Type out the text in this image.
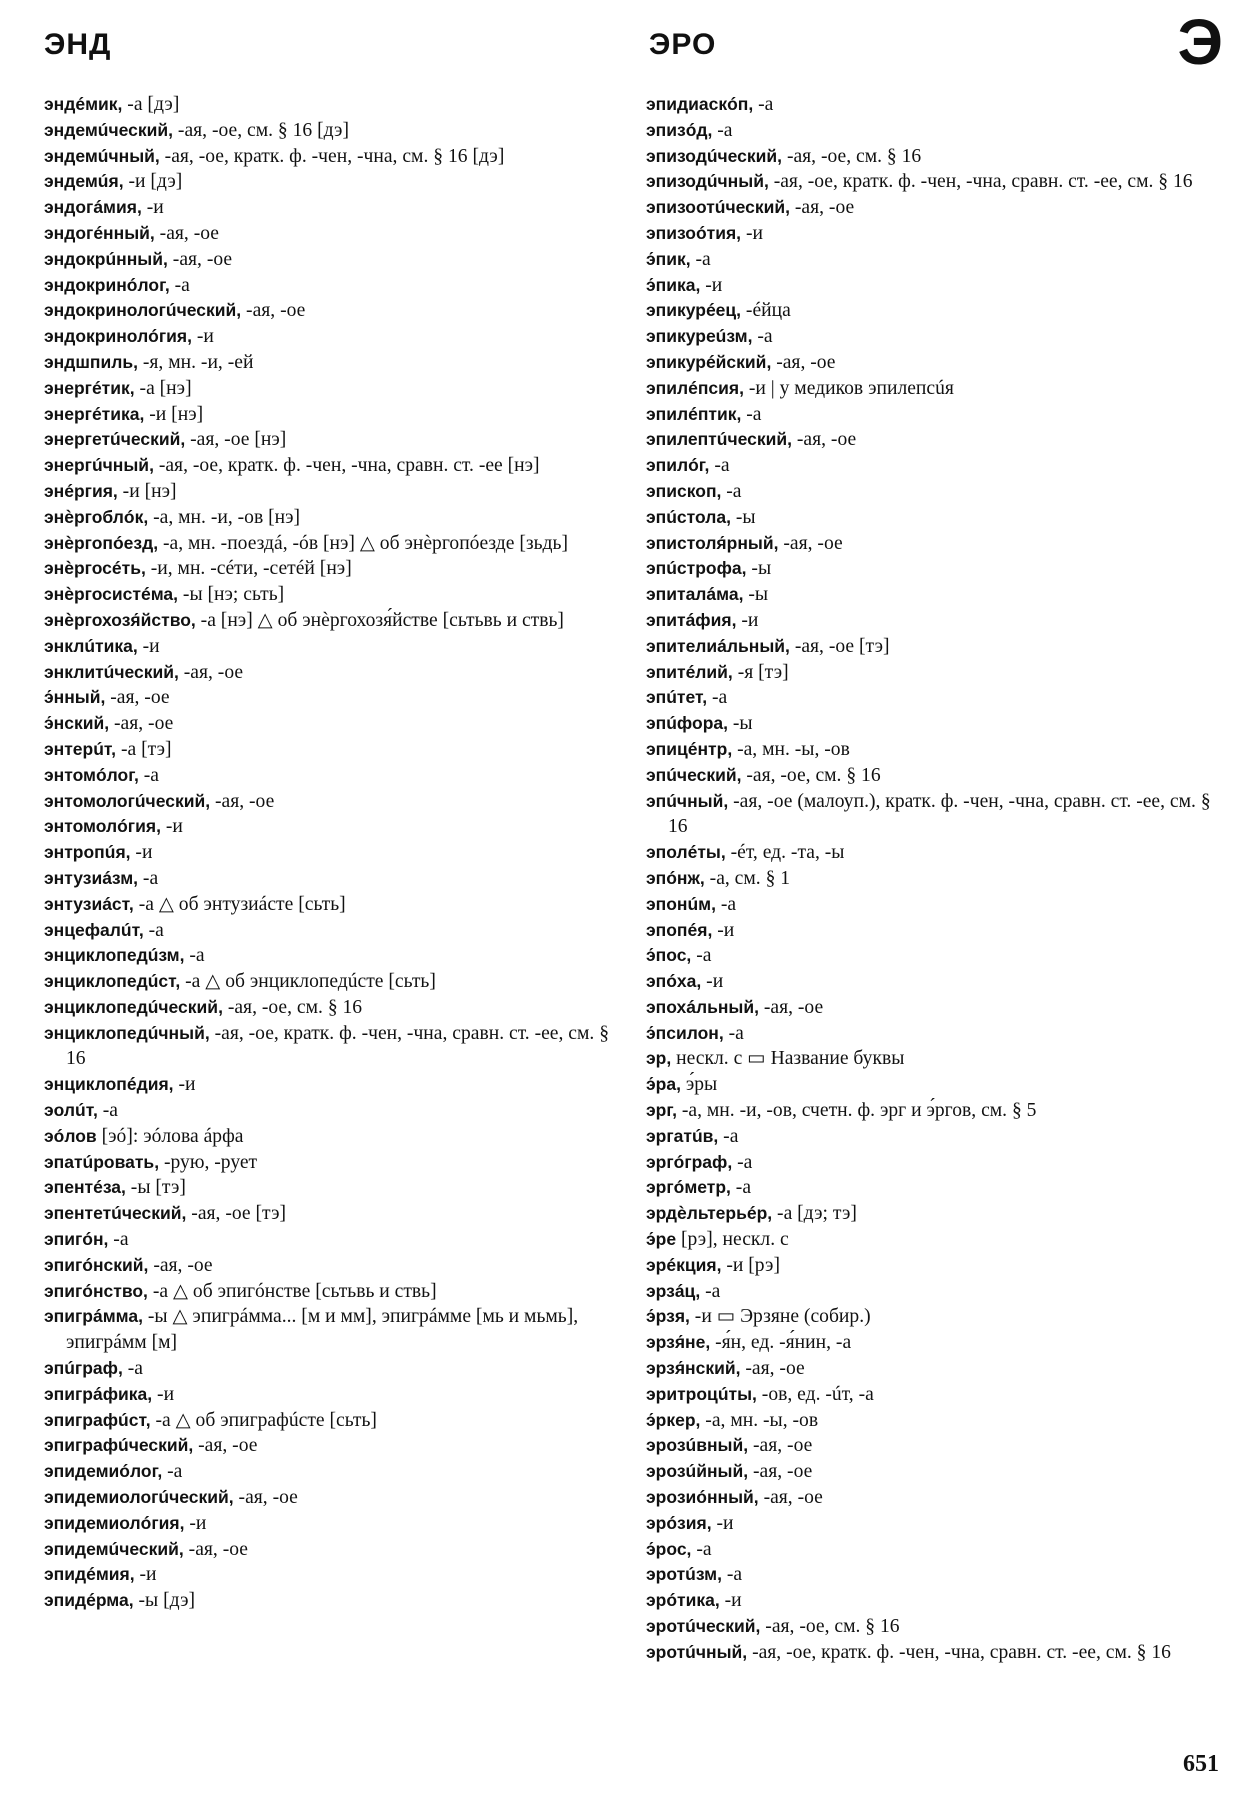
ЭНД	ЭРО	Э
эндéмик, -а [дэ]
эндемúческий, -ая, -ое, см. § 16 [дэ]
эндемúчный, -ая, -ое, кратк. ф. -чен, -чна, см. § 16 [дэ]
эндемúя, -и [дэ]
эндогáмия, -и
эндогéнный, -ая, -ое
эндокрúнный, -ая, -ое
эндокринóлог, -а
эндокринологúческий, -ая, -ое
эндокринолóгия, -и
эндшпиль, -я, мн. -и, -ей
энергéтик, -а [нэ]
энергéтика, -и [нэ]
энергетúческий, -ая, -ое [нэ]
энергúчный, -ая, -ое, кратк. ф. -чен, -чна, сравн. ст. -ее [нэ]
энéргия, -и [нэ]
энѐргоблóк, -а, мн. -и, -ов [нэ]
энѐргопóезд, -а, мн. -поездá, -óв [нэ] △ об энѐргопóезде [зьдь]
энѐргосéть, -и, мн. -сéти, -сетéй [нэ]
энѐргосистéма, -ы [нэ; сьть]
энѐргохозя́йство, -а [нэ] △ об энѐргохозя́йстве [сьтьвь и ствь]
энклúтика, -и
энклитúческий, -ая, -ое
э́нный, -ая, -ое
э́нский, -ая, -ое
энтерúт, -а [тэ]
энтомóлог, -а
энтомологúческий, -ая, -ое
энтомолóгия, -и
энтропúя, -и
энтузиáзм, -а
энтузиáст, -а △ об энтузиáсте [сьть]
энцефалúт, -а
энциклопедúзм, -а
энциклопедúст, -а △ об энциклопедúсте [сьть]
энциклопедúческий, -ая, -ое, см. § 16
энциклопедúчный, -ая, -ое, кратк. ф. -чен, -чна, сравн. ст. -ее, см. § 16
энциклопéдия, -и
эолúт, -а
эóлов [эó]: эóлова áрфа
эпатúровать, -рую, -рует
эпентéза, -ы [тэ]
эпентетúческий, -ая, -ое [тэ]
эпигóн, -а
эпигóнский, -ая, -ое
эпигóнство, -а △ об эпигóнстве [сьтьвь и ствь]
эпигрáмма, -ы △ эпигрáмма... [м и мм], эпигрáмме [мь и мьмь], эпигрáмм [м]
эпúграф, -а
эпигрáфика, -и
эпиграфúст, -а △ об эпиграфúсте [сьть]
эпиграфúческий, -ая, -ое
эпидемиóлог, -а
эпидемиологúческий, -ая, -ое
эпидемиолóгия, -и
эпидемúческий, -ая, -ое
эпидéмия, -и
эпидéрма, -ы [дэ]
эпидиаскóп, -а
эпизóд, -а
эпизодúческий, -ая, -ое, см. § 16
эпизодúчный, -ая, -ое, кратк. ф. -чен, -чна, сравн. ст. -ее, см. § 16
эпизоотúческий, -ая, -ое
эпизоóтия, -и
э́пик, -а
э́пика, -и
эпикурéец, -éйца
эпикуреúзм, -а
эпикурéйский, -ая, -ое
эпилéпсия, -и | у медиков эпилепсúя
эпилéптик, -а
эпилептúческий, -ая, -ое
эпилóг, -а
эпископ, -а
эпúстола, -ы
эпистоля́рный, -ая, -ое
эпúстрофа, -ы
эпиталáма, -ы
эпитáфия, -и
эпителиáльный, -ая, -ое [тэ]
эпитéлий, -я [тэ]
эпúтет, -а
эпúфора, -ы
эпицéнтр, -а, мн. -ы, -ов
эпúческий, -ая, -ое, см. § 16
эпúчный, -ая, -ое (малоуп.), кратк. ф. -чен, -чна, сравн. ст. -ее, см. § 16
эполéты, -éт, ед. -та, -ы
эпóнж, -а, см. § 1
эпонúм, -а
эпопéя, -и
э́пос, -а
эпóха, -и
эпохáльный, -ая, -ое
э́псилон, -а
эр, нескл. с ▭ Название буквы
э́ра, э́ры
эрг, -а, мн. -и, -ов, счетн. ф. эрг и э́ргов, см. § 5
эргатúв, -а
эргóграф, -а
эргóметр, -а
эрдѐльтерьéр, -а [дэ; тэ]
э́ре [рэ], нескл. с
эрéкция, -и [рэ]
эрзáц, -а
э́рзя, -и ▭ Эрзяне (собир.)
эрзя́не, -я́н, ед. -я́нин, -а
эрзя́нский, -ая, -ое
эритроцúты, -ов, ед. -úт, -а
э́ркер, -а, мн. -ы, -ов
эрозúвный, -ая, -ое
эрозúйный, -ая, -ое
эрозиóнный, -ая, -ое
эрóзия, -и
э́рос, -а
эротúзм, -а
эрóтика, -и
эротúческий, -ая, -ое, см. § 16
эротúчный, -ая, -ое, кратк. ф. -чен, -чна, сравн. ст. -ее, см. § 16
651
